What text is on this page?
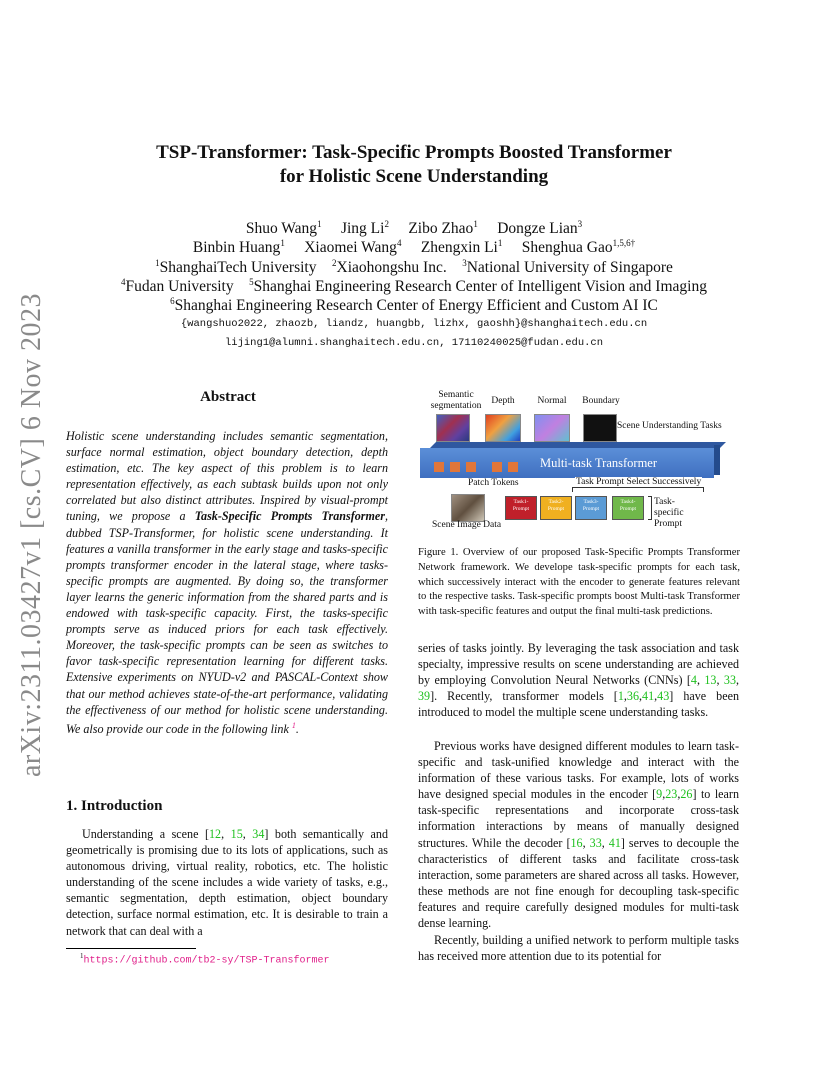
arXiv:2311.03427v1 [cs.CV] 6 Nov 2023
TSP-Transformer: Task-Specific Prompts Boosted Transformer
for Holistic Scene Understanding
Shuo Wang$^1$ Jing Li$^2$ Zibo Zhao$^1$ Dongze Lian$^3$
Binbin Huang$^1$ Xiaomei Wang$^4$ Zhengxin Li$^1$ Shenghua Gao$^{1,5,6\dagger}$
$^1$ShanghaiTech University $^2$Xiaohongshu Inc. $^3$National University of Singapore
$^4$Fudan University $^5$Shanghai Engineering Research Center of Intelligent Vision and Imaging
$^6$Shanghai Engineering Research Center of Energy Efficient and Custom AI IC
{wangshuo2022, zhaozb, liandz, huangbb, lizhx, gaoshh}@shanghaitech.edu.cn
lijing1@alumni.shanghaitech.edu.cn, 17110240025@fudan.edu.cn
Abstract
Holistic scene understanding includes semantic segmentation, surface normal estimation, object boundary detection, depth estimation, etc. The key aspect of this problem is to learn representation effectively, as each subtask builds upon not only correlated but also distinct attributes. Inspired by visual-prompt tuning, we propose a Task-Specific Prompts Transformer, dubbed TSP-Transformer, for holistic scene understanding. It features a vanilla transformer in the early stage and tasks-specific prompts transformer encoder in the lateral stage, where tasks-specific prompts are augmented. By doing so, the transformer layer learns the generic information from the shared parts and is endowed with task-specific capacity. First, the tasks-specific prompts serve as induced priors for each task effectively. Moreover, the task-specific prompts can be seen as switches to favor task-specific representation learning for different tasks. Extensive experiments on NYUD-v2 and PASCAL-Context show that our method achieves state-of-the-art performance, validating the effectiveness of our method for holistic scene understanding. We also provide our code in the following link $^1$.
1. Introduction
Understanding a scene [12, 15, 34] both semantically and geometrically is promising due to its lots of applications, such as autonomous driving, virtual reality, robotics, etc. The holistic understanding of the scene includes a wide variety of tasks, e.g., semantic segmentation, depth estimation, object boundary detection, surface normal estimation, etc. It is desirable to train a network that can deal with a
$^1$https://github.com/tb2-sy/TSP-Transformer
Semantic segmentation	Depth	Normal	Boundary
Scene Understanding Tasks
Multi-task Transformer
Patch Tokens	Task Prompt Select Successively
Scene Image Data
Task1-Prompt
Task2-Prompt
Task3-Prompt
Task4-Prompt
Task-specific Prompt
Figure 1. Overview of our proposed Task-Specific Prompts Transformer Network framework. We develope task-specific prompts for each task, which successively interact with the encoder to generate features relevant to the respective tasks. Task-specific prompts boost Multi-task Transformer with task-specific features and output the final multi-task predictions.
series of tasks jointly. By leveraging the task association and task specialty, impressive results on scene understanding are achieved by employing Convolution Neural Networks (CNNs) [4, 13, 33, 39]. Recently, transformer models [1,36,41,43] have been introduced to model the multiple scene understanding tasks.
Previous works have designed different modules to learn task-specific and task-unified knowledge and interact with the information of these various tasks. For example, lots of works have designed special modules in the encoder [9,23,26] to learn task-specific representations and incorporate cross-task information interactions by means of manually designed structures. While the decoder [16, 33, 41] serves to decouple the characteristics of different tasks and facilitate cross-task interaction, some parameters are shared across all tasks. However, these methods are not fine enough for decoupling task-specific features and require carefully designed modules for multi-task dense learning.
Recently, building a unified network to perform multiple tasks has received more attention due to its potential for
